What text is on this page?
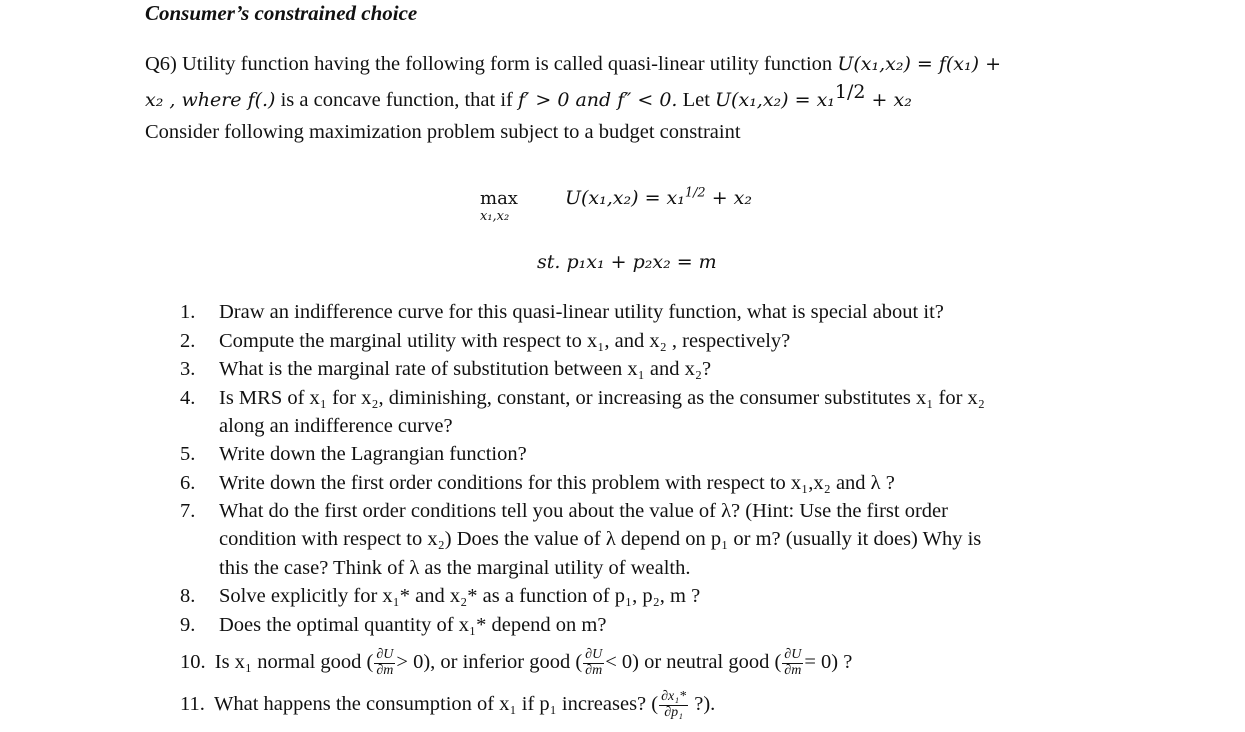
Consumer’s constrained choice
Q6) Utility function having the following form is called quasi-linear utility function U(x₁,x₂) = f(x₁) +
x₂ , where f(.) is a concave function, that if f′ > 0 and f″ < 0. Let U(x₁,x₂) = x₁$^{1/2}$ + x₂
Consider following maximization problem subject to a budget constraint
max
x₁,x₂
U(x₁,x₂) = x₁$^{1/2}$ + x₂
st. p₁x₁ + p₂x₂ = m
1. Draw an indifference curve for this quasi-linear utility function, what is special about it?
2. Compute the marginal utility with respect to x₁, and x₂ , respectively?
3. What is the marginal rate of substitution between x₁ and x₂?
4. Is MRS of x₁ for x₂, diminishing, constant, or increasing as the consumer substitutes x₁ for x₂
along an indifference curve?
5. Write down the Lagrangian function?
6. Write down the first order conditions for this problem with respect to x₁,x₂ and λ ?
7. What do the first order conditions tell you about the value of λ? (Hint: Use the first order
condition with respect to x₂) Does the value of λ depend on p₁ or m? (usually it does) Why is
this the case? Think of λ as the marginal utility of wealth.
8. Solve explicitly for x₁* and x₂* as a function of p₁, p₂, m ?
9. Does the optimal quantity of x₁* depend on m?
10. Is x₁ normal good ( $\frac{\partial U}{\partial m} > 0$), or inferior good ( $\frac{\partial U}{\partial m} < 0$) or neutral good ( $\frac{\partial U}{\partial m} = 0$) ?
11. What happens the consumption of x₁ if p₁ increases? ( $\frac{\text{∂x₁*}}{\text{∂p₁}}$ ?).
